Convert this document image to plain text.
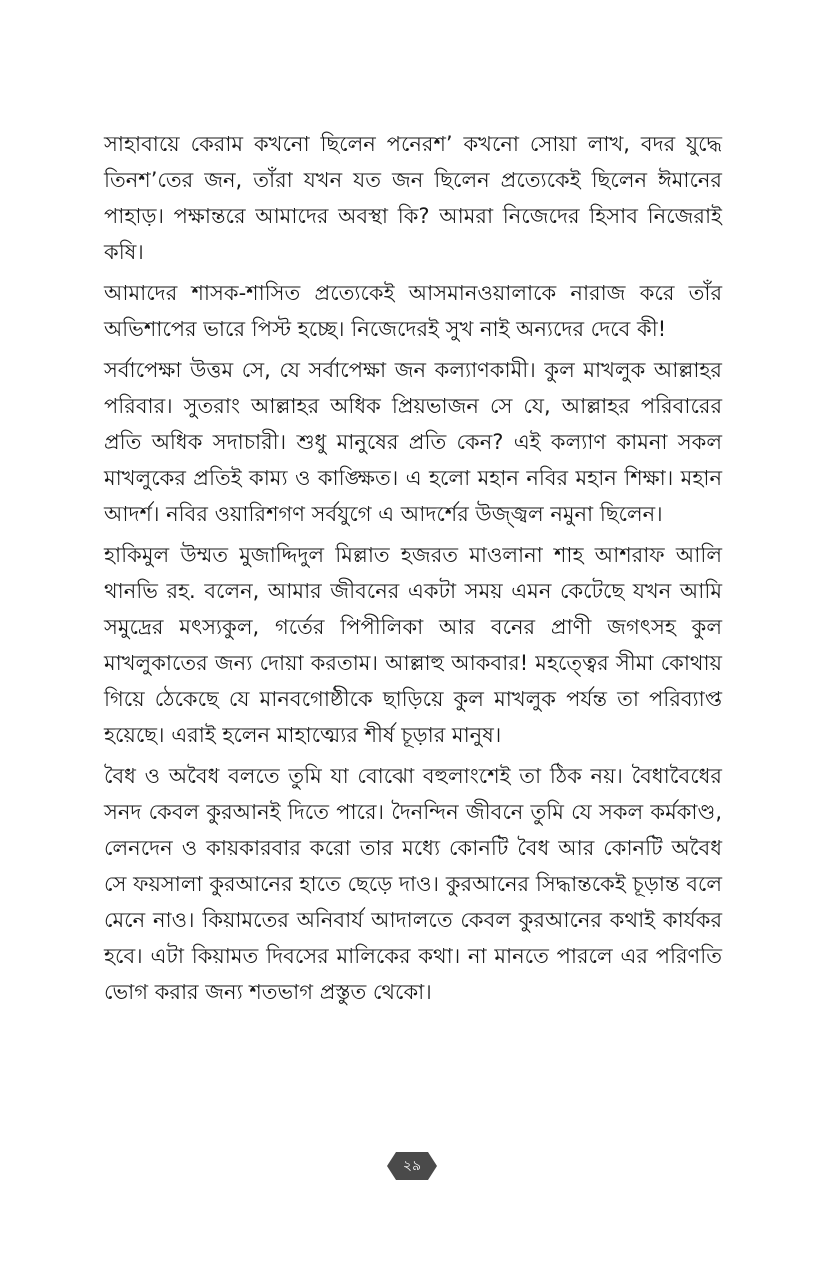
সাহাবায়ে কেরাম কখনো ছিলেন পনেরশ’ কখনো সোয়া লাখ, বদর যুদ্ধে তিনশ’তের জন, তাঁরা যখন যত জন ছিলেন প্রত্যেকেই ছিলেন ঈমানের পাহাড়। পক্ষান্তরে আমাদের অবস্থা কি? আমরা নিজেদের হিসাব নিজেরাই কষি।

আমাদের শাসক-শাসিত প্রত্যেকেই আসমানওয়ালাকে নারাজ করে তাঁর অভিশাপের ভারে পিস্ট হচ্ছে। নিজেদেরই সুখ নাই অন্যদের দেবে কী!

সর্বাপেক্ষা উত্তম সে, যে সর্বাপেক্ষা জন কল্যাণকামী। কুল মাখলুক আল্লাহর পরিবার। সুতরাং আল্লাহর অধিক প্রিয়ভাজন সে যে, আল্লাহর পরিবারের প্রতি অধিক সদাচারী। শুধু মানুষের প্রতি কেন? এই কল্যাণ কামনা সকল মাখলুকের প্রতিই কাম্য ও কাঙ্ক্ষিত। এ হলো মহান নবির মহান শিক্ষা। মহান আদর্শ। নবির ওয়ারিশগণ সর্বযুগে এ আদর্শের উজ্জ্বল নমুনা ছিলেন।

হাকিমুল উম্মত মুজাদ্দিদুল মিল্লাত হজরত মাওলানা শাহ আশরাফ আলি থানভি রহ. বলেন, আমার জীবনের একটা সময় এমন কেটেছে যখন আমি সমুদ্রের মৎস্যকুল, গর্তের পিপীলিকা আর বনের প্রাণী জগৎসহ কুল মাখলুকাতের জন্য দোয়া করতাম। আল্লাহু আকবার! মহত্ত্বের সীমা কোথায় গিয়ে ঠেকেছে যে মানবগোষ্ঠীকে ছাড়িয়ে কুল মাখলুক পর্যন্ত তা পরিব্যাপ্ত হয়েছে। এরাই হলেন মাহাত্ম্যের শীর্ষ চূড়ার মানুষ।

বৈধ ও অবৈধ বলতে তুমি যা বোঝো বহুলাংশেই তা ঠিক নয়। বৈধাবৈধের সনদ কেবল কুরআনই দিতে পারে। দৈনন্দিন জীবনে তুমি যে সকল কর্মকাণ্ড, লেনদেন ও কায়কারবার করো তার মধ্যে কোনটি বৈধ আর কোনটি অবৈধ সে ফয়সালা কুরআনের হাতে ছেড়ে দাও। কুরআনের সিদ্ধান্তকেই চূড়ান্ত বলে মেনে নাও। কিয়ামতের অনিবার্য আদালতে কেবল কুরআনের কথাই কার্যকর হবে। এটা কিয়ামত দিবসের মালিকের কথা। না মানতে পারলে এর পরিণতি ভোগ করার জন্য শতভাগ প্রস্তুত থেকো।

২৯
